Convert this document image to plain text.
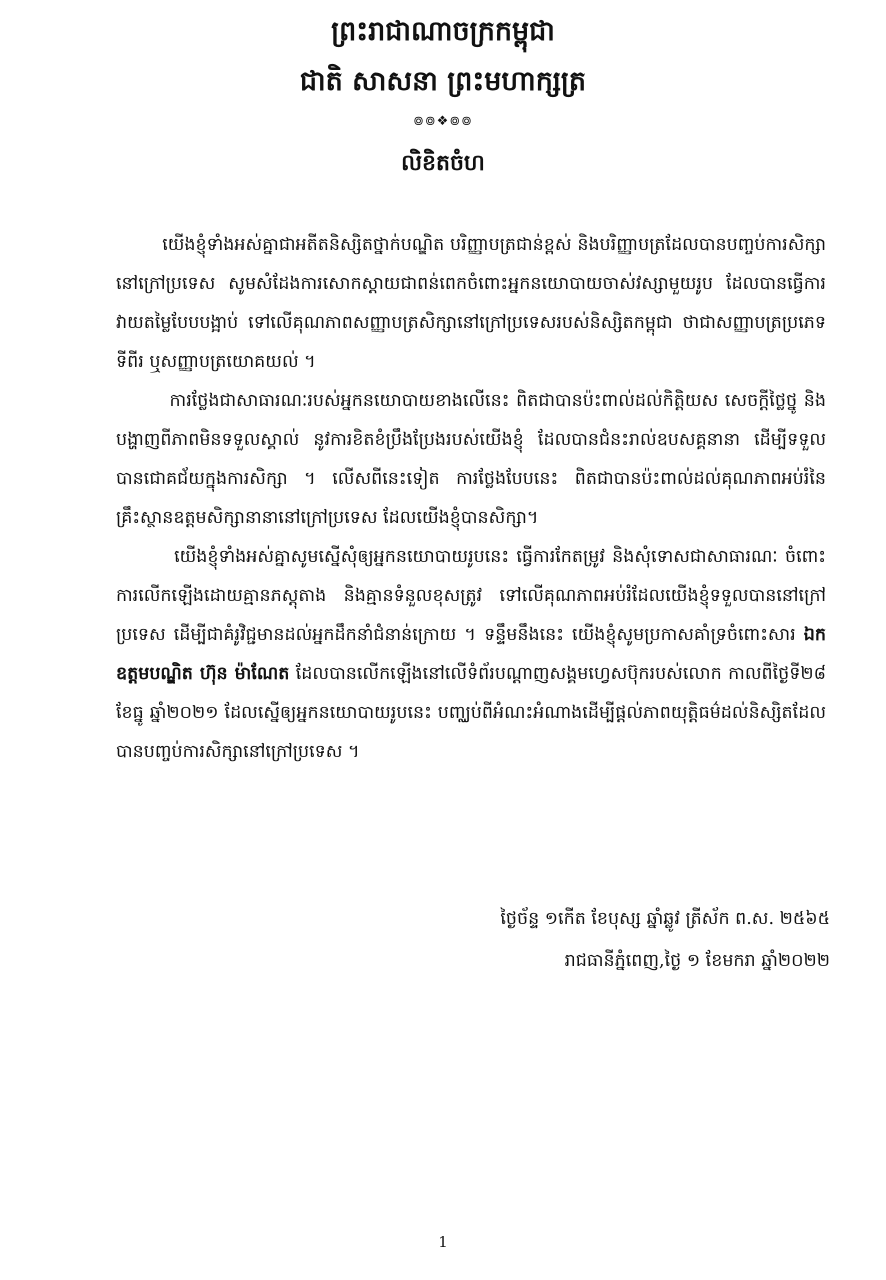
ព្រះរាជាណាចក្រកម្ពុជា
ជាតិ សាសនា ព្រះមហាក្សត្រ
៙៙❖៙៙
លិខិតចំហ

យើងខ្ញុំទាំងអស់គ្នាជាអតីតនិស្សិតថ្នាក់បណ្ឌិត បរិញ្ញាបត្រជាន់ខ្ពស់ និងបរិញ្ញាបត្រដែលបានបញ្ចប់ការសិក្សានៅក្រៅប្រទេស សូមសំដែងការសោកស្ដាយជាពន់ពេកចំពោះអ្នកនយោបាយចាស់វស្សាមួយរូប ដែលបានធ្វើការវាយតម្លៃបែបបង្អាប់ ទៅលើគុណភាពសញ្ញាបត្រសិក្សានៅក្រៅប្រទេសរបស់និស្សិតកម្ពុជា ថាជាសញ្ញាបត្រប្រភេទទីពីរ ឬសញ្ញាបត្រយោគយល់ ។

ការថ្លែងជាសាធារណៈរបស់អ្នកនយោបាយខាងលើនេះ ពិតជាបានប៉ះពាល់ដល់កិត្តិយស សេចក្ដីថ្លៃថ្នូ និងបង្ហាញពីភាពមិនទទួលស្គាល់ នូវការខិតខំប្រឹងប្រែងរបស់យើងខ្ញុំ ដែលបានជំនះរាល់ឧបសគ្គនានា ដើម្បីទទួលបានជោគជ័យក្នុងការសិក្សា ។ លើសពីនេះទៀត ការថ្លែងបែបនេះ ពិតជាបានប៉ះពាល់ដល់គុណភាពអប់រំនៃគ្រឹះស្ថានឧត្ដមសិក្សានានានៅក្រៅប្រទេស ដែលយើងខ្ញុំបានសិក្សា។

យើងខ្ញុំទាំងអស់គ្នាសូមស្នើសុំឲ្យអ្នកនយោបាយរូបនេះ ធ្វើការកែតម្រូវ និងសុំទោសជាសាធារណៈ ចំពោះការលើកឡើងដោយគ្មានភស្ដុតាង និងគ្មានទំនួលខុសត្រូវ ទៅលើគុណភាពអប់រំដែលយើងខ្ញុំទទួលបាននៅក្រៅប្រទេស ដើម្បីជាគំរូវិជ្ជមានដល់អ្នកដឹកនាំជំនាន់ក្រោយ ។ ទន្ទឹមនឹងនេះ យើងខ្ញុំសូមប្រកាសគាំទ្រចំពោះសារ ឯកឧត្តមបណ្ឌិត ហ៊ុន ម៉ាណែត ដែលបានលើកឡើងនៅលើទំព័របណ្ដាញសង្គមហ្វេសប៊ុករបស់លោក កាលពីថ្ងៃទី២៨ ខែធ្នូ ឆ្នាំ២០២១ ដែលស្នើឲ្យអ្នកនយោបាយរូបនេះ បញ្ឈប់ពីអំណះអំណាងដើម្បីផ្ដល់ភាពយុត្តិធម៌ដល់និស្សិតដែលបានបញ្ចប់ការសិក្សានៅក្រៅប្រទេស ។

ថ្ងៃច័ន្ទ ១កើត ខែបុស្ស ឆ្នាំឆ្លូវ ត្រីស័ក ព.ស. ២៥៦៥
រាជធានីភ្នំពេញ,ថ្ងៃ ១ ខែមករា ឆ្នាំ២០២២
1
